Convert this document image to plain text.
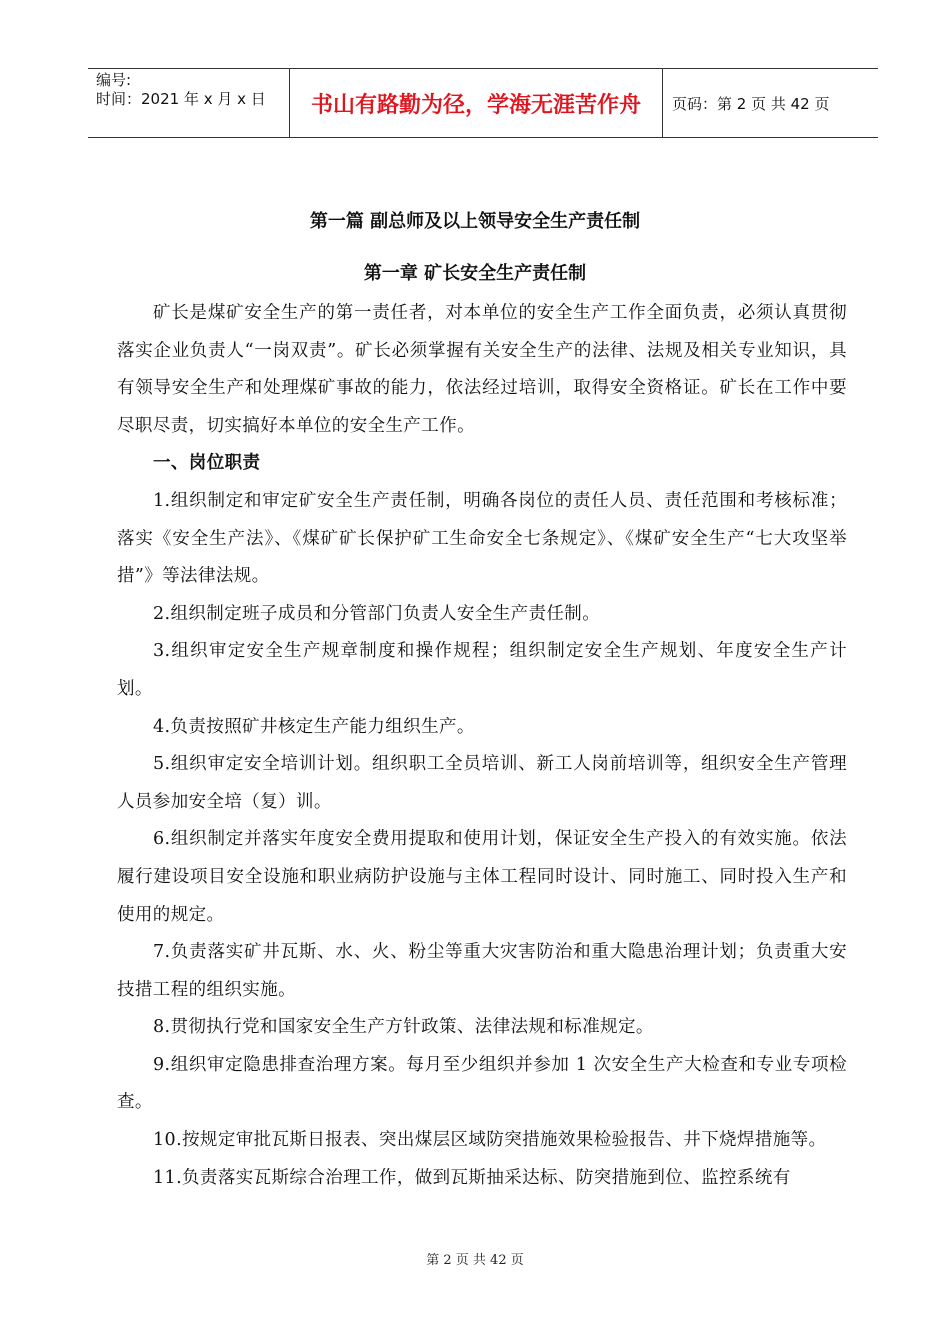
编号:
时间：2021 年 x 月 x 日	书山有路勤为径，学海无涯苦作舟	页码：第 2 页 共 42 页
第一篇 副总师及以上领导安全生产责任制
第一章 矿长安全生产责任制

矿长是煤矿安全生产的第一责任者，对本单位的安全生产工作全面负责，必须认真贯彻落实企业负责人“一岗双责”。矿长必须掌握有关安全生产的法律、法规及相关专业知识，具有领导安全生产和处理煤矿事故的能力，依法经过培训，取得安全资格证。矿长在工作中要尽职尽责，切实搞好本单位的安全生产工作。

一、岗位职责

1.组织制定和审定矿安全生产责任制，明确各岗位的责任人员、责任范围和考核标准；落实《安全生产法》、《煤矿矿长保护矿工生命安全七条规定》、《煤矿安全生产“七大攻坚举措”》等法律法规。

2.组织制定班子成员和分管部门负责人安全生产责任制。

3.组织审定安全生产规章制度和操作规程；组织制定安全生产规划、年度安全生产计划。

4.负责按照矿井核定生产能力组织生产。

5.组织审定安全培训计划。组织职工全员培训、新工人岗前培训等，组织安全生产管理人员参加安全培（复）训。

6.组织制定并落实年度安全费用提取和使用计划，保证安全生产投入的有效实施。依法履行建设项目安全设施和职业病防护设施与主体工程同时设计、同时施工、同时投入生产和使用的规定。

7.负责落实矿井瓦斯、水、火、粉尘等重大灾害防治和重大隐患治理计划；负责重大安技措工程的组织实施。

8.贯彻执行党和国家安全生产方针政策、法律法规和标准规定。

9.组织审定隐患排查治理方案。每月至少组织并参加 1 次安全生产大检查和专业专项检查。

10.按规定审批瓦斯日报表、突出煤层区域防突措施效果检验报告、井下烧焊措施等。

11.负责落实瓦斯综合治理工作，做到瓦斯抽采达标、防突措施到位、监控系统有

第 2 页 共 42 页
